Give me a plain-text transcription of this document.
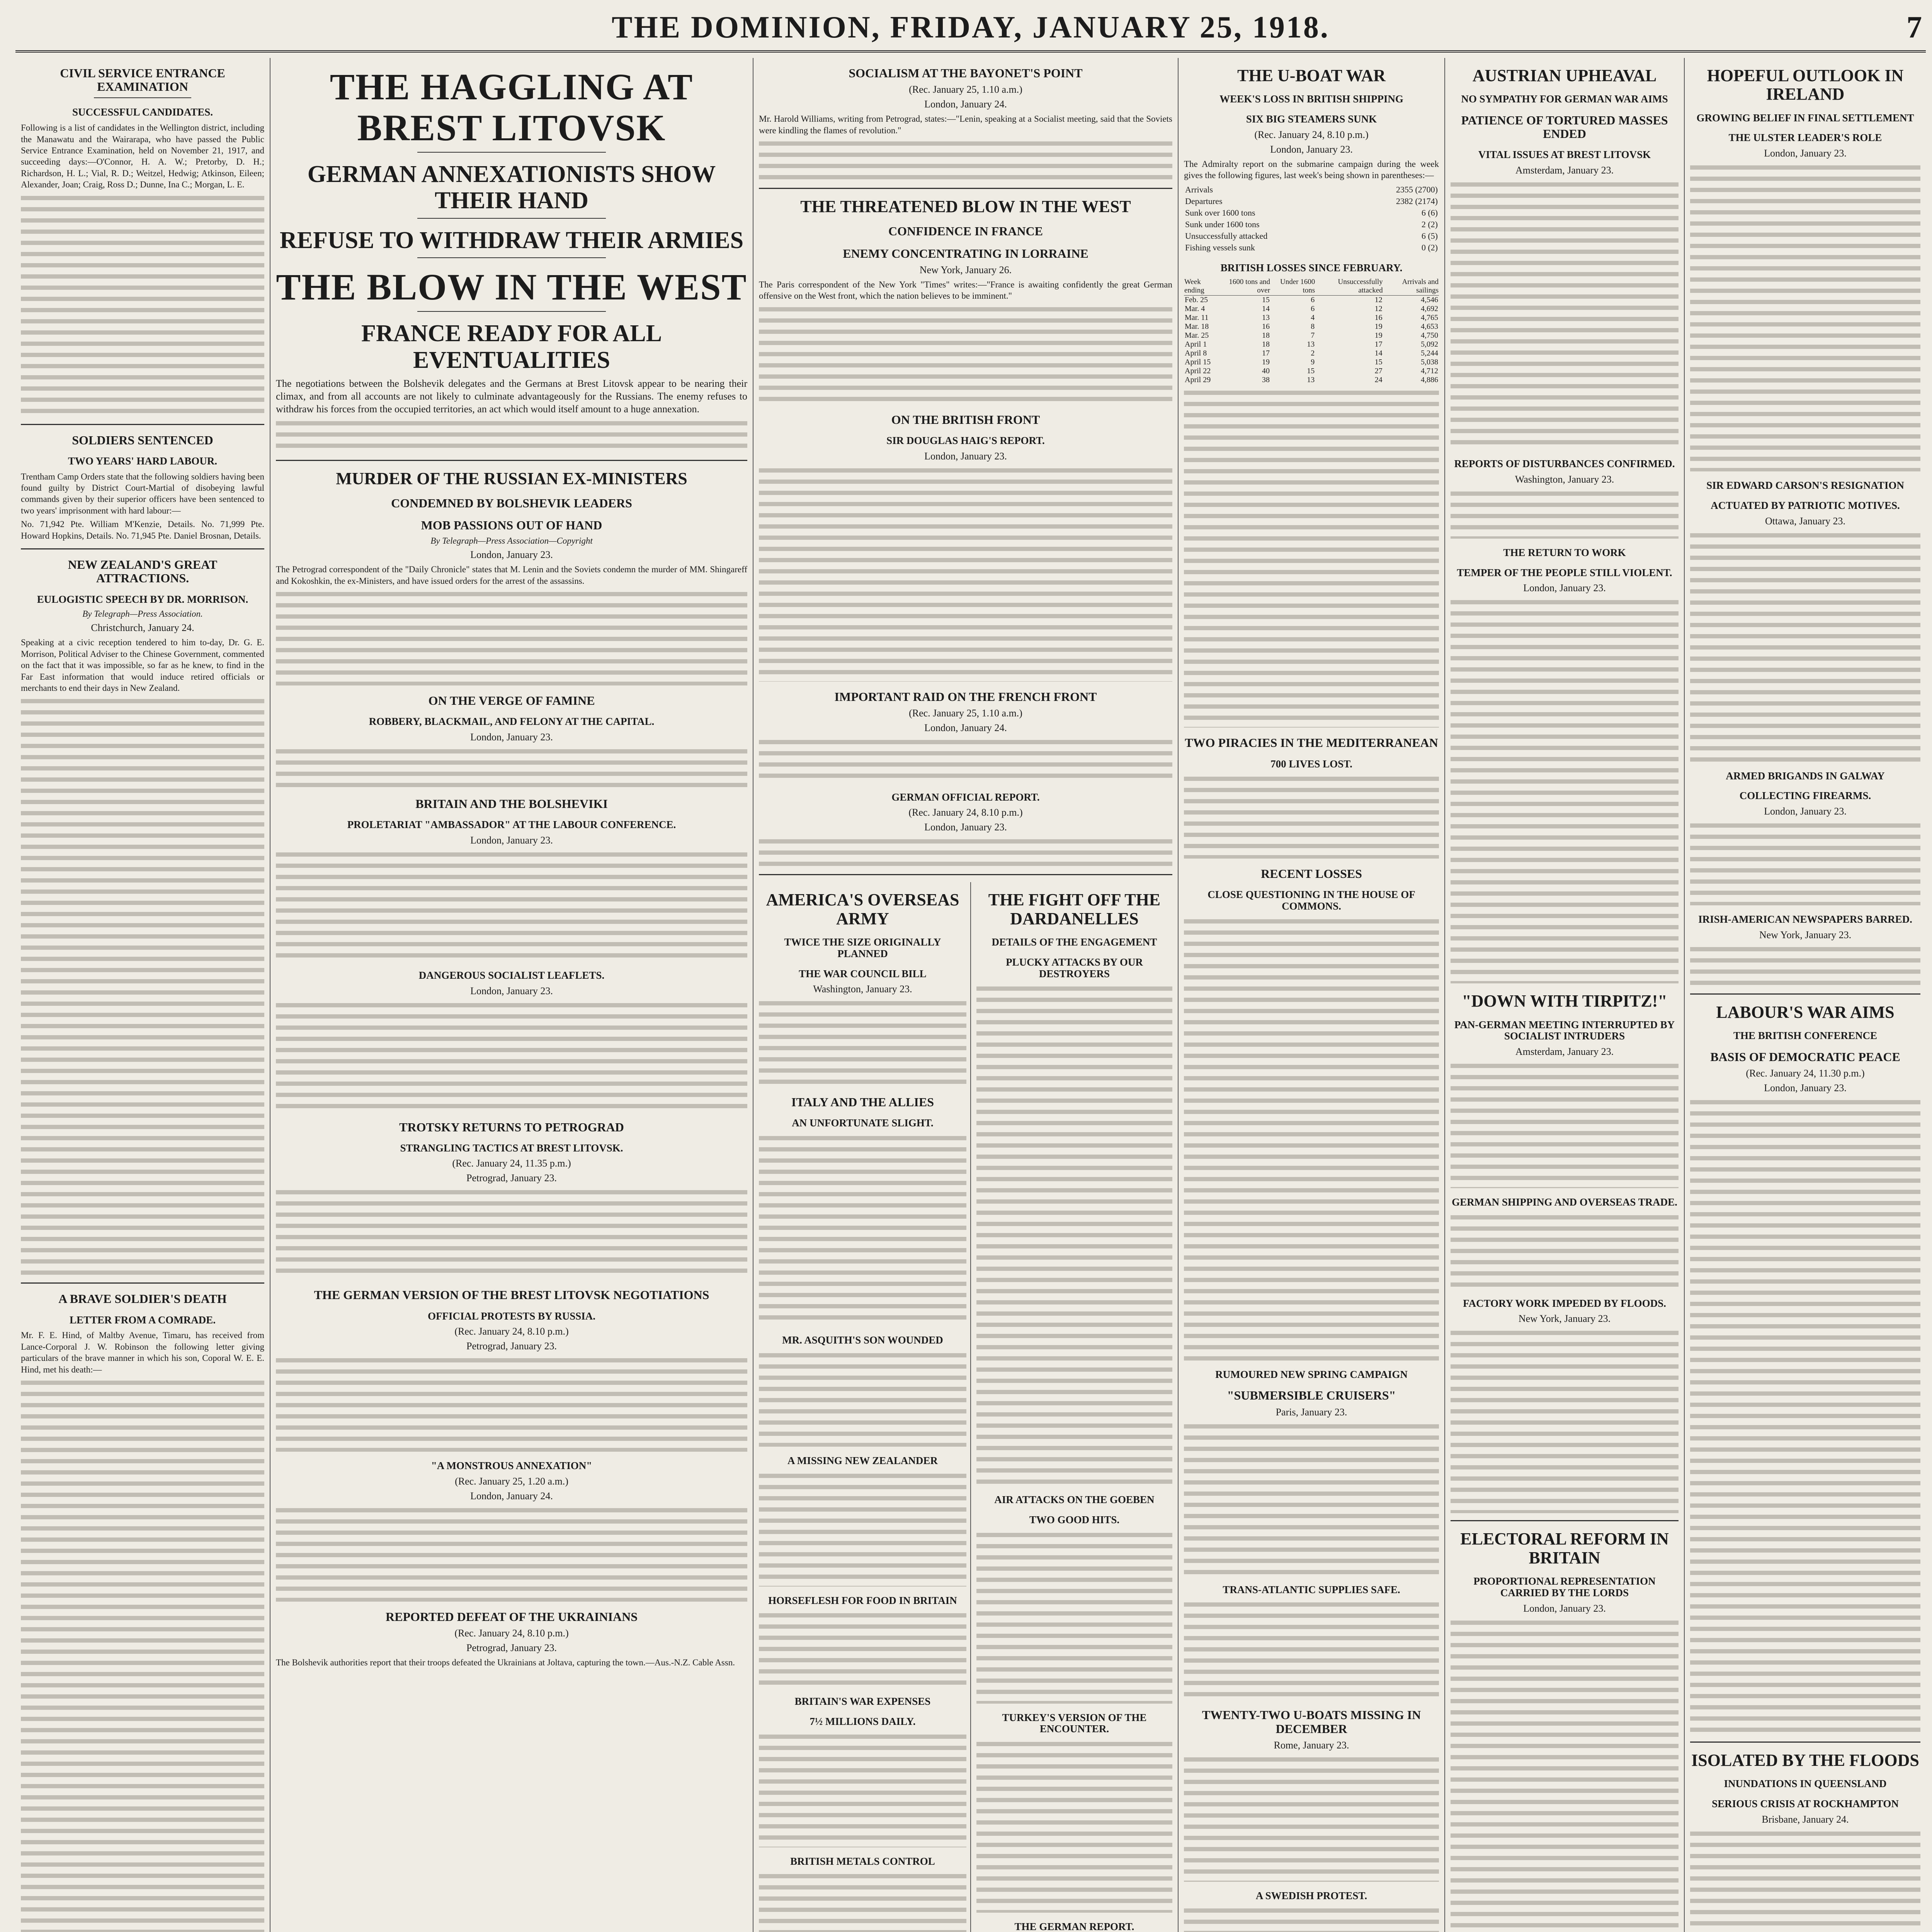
THE DOMINION, FRIDAY, JANUARY 25, 1918.	7
CIVIL SERVICE ENTRANCE EXAMINATION
SUCCESSFUL CANDIDATES.

Following is a list of candidates in the Wellington district, including the Manawatu and the Wairarapa, who have passed the Public Service Entrance Examination, held on November 21, 1917, and succeeding days:—O'Connor, H. A. W.; Pretorby, D. H.; Richardson, H. L.; Vial, R. D.; Weitzel, Hedwig; Atkinson, Eileen; Alexander, Joan; Craig, Ross D.; Dunne, Ina C.; Morgan, L. E.

SOLDIERS SENTENCED
TWO YEARS' HARD LABOUR.

Trentham Camp Orders state that the following soldiers having been found guilty by District Court-Martial of disobeying lawful commands given by their superior officers have been sentenced to two years' imprisonment with hard labour:—

No. 71,942 Pte. William M'Kenzie, Details. No. 71,999 Pte. Howard Hopkins, Details. No. 71,945 Pte. Daniel Brosnan, Details.

NEW ZEALAND'S GREAT ATTRACTIONS.
EULOGISTIC SPEECH BY DR. MORRISON.
By Telegraph—Press Association.
Christchurch, January 24.

Speaking at a civic reception tendered to him to-day, Dr. G. E. Morrison, Political Adviser to the Chinese Government, commented on the fact that it was impossible, so far as he knew, to find in the Far East information that would induce retired officials or merchants to end their days in New Zealand.

A BRAVE SOLDIER'S DEATH
LETTER FROM A COMRADE.

Mr. F. E. Hind, of Maltby Avenue, Timaru, has received from Lance-Corporal J. W. Robinson the following letter giving particulars of the brave manner in which his son, Coporal W. E. E. Hind, met his death:—

THE HAGGLING AT BREST LITOVSK
GERMAN ANNEXATIONISTS SHOW THEIR HAND
REFUSE TO WITHDRAW THEIR ARMIES
THE BLOW IN THE WEST
FRANCE READY FOR ALL EVENTUALITIES

The negotiations between the Bolshevik delegates and the Germans at Brest Litovsk appear to be nearing their climax, and from all accounts are not likely to culminate advantageously for the Russians. The enemy refuses to withdraw his forces from the occupied territories, an act which would itself amount to a huge annexation.

MURDER OF THE RUSSIAN EX-MINISTERS
CONDEMNED BY BOLSHEVIK LEADERS
MOB PASSIONS OUT OF HAND
By Telegraph—Press Association—Copyright
London, January 23.

The Petrograd correspondent of the "Daily Chronicle" states that M. Lenin and the Soviets condemn the murder of MM. Shingareff and Kokoshkin, the ex-Ministers, and have issued orders for the arrest of the assassins.

ON THE VERGE OF FAMINE
ROBBERY, BLACKMAIL, AND FELONY AT THE CAPITAL.
London, January 23.
BRITAIN AND THE BOLSHEVIKI
PROLETARIAT "AMBASSADOR" AT THE LABOUR CONFERENCE.
London, January 23.
DANGEROUS SOCIALIST LEAFLETS.
London, January 23.
TROTSKY RETURNS TO PETROGRAD
STRANGLING TACTICS AT BREST LITOVSK.
(Rec. January 24, 11.35 p.m.)
Petrograd, January 23.
THE GERMAN VERSION OF THE BREST LITOVSK NEGOTIATIONS
OFFICIAL PROTESTS BY RUSSIA.
(Rec. January 24, 8.10 p.m.)
Petrograd, January 23.
"A MONSTROUS ANNEXATION"
(Rec. January 25, 1.20 a.m.)
London, January 24.
REPORTED DEFEAT OF THE UKRAINIANS
(Rec. January 24, 8.10 p.m.)
Petrograd, January 23.

The Bolshevik authorities report that their troops defeated the Ukrainians at Joltava, capturing the town.—Aus.-N.Z. Cable Assn.

SOCIALISM AT THE BAYONET'S POINT
(Rec. January 25, 1.10 a.m.)
London, January 24.

Mr. Harold Williams, writing from Petrograd, states:—"Lenin, speaking at a Socialist meeting, said that the Soviets were kindling the flames of revolution."

THE THREATENED BLOW IN THE WEST
CONFIDENCE IN FRANCE
ENEMY CONCENTRATING IN LORRAINE
New York, January 26.

The Paris correspondent of the New York "Times" writes:—"France is awaiting confidently the great German offensive on the West front, which the nation believes to be imminent."

ON THE BRITISH FRONT
SIR DOUGLAS HAIG'S REPORT.
London, January 23.
IMPORTANT RAID ON THE FRENCH FRONT
(Rec. January 25, 1.10 a.m.)
London, January 24.
GERMAN OFFICIAL REPORT.
(Rec. January 24, 8.10 p.m.)
London, January 23.
AMERICA'S OVERSEAS ARMY
TWICE THE SIZE ORIGINALLY PLANNED
THE WAR COUNCIL BILL
Washington, January 23.
ITALY AND THE ALLIES
AN UNFORTUNATE SLIGHT.
MR. ASQUITH'S SON WOUNDED
A MISSING NEW ZEALANDER
HORSEFLESH FOR FOOD IN BRITAIN
BRITAIN'S WAR EXPENSES
7½ MILLIONS DAILY.
BRITISH METALS CONTROL
THE FIGHT OFF THE DARDANELLES
DETAILS OF THE ENGAGEMENT
PLUCKY ATTACKS BY OUR DESTROYERS
AIR ATTACKS ON THE GOEBEN
TWO GOOD HITS.
TURKEY'S VERSION OF THE ENCOUNTER.
THE GERMAN REPORT.
THE U-BOAT WAR
WEEK'S LOSS IN BRITISH SHIPPING
SIX BIG STEAMERS SUNK
(Rec. January 24, 8.10 p.m.)
London, January 23.

The Admiralty report on the submarine campaign during the week gives the following figures, last week's being shown in parentheses:—

Arrivals	2355 (2700)
Departures	2382 (2174)
Sunk over 1600 tons	6 (6)
Sunk under 1600 tons	2 (2)
Unsuccessfully attacked	6 (5)
Fishing vessels sunk	0 (2)
BRITISH LOSSES SINCE FEBRUARY.
Week ending	1600 tons and over	Under 1600 tons	Unsuccessfully attacked	Arrivals and sailings
Feb. 25	15	6	12	4,546
Mar. 4	14	6	12	4,692
Mar. 11	13	4	16	4,765
Mar. 18	16	8	19	4,653
Mar. 25	18	7	19	4,750
April 1	18	13	17	5,092
April 8	17	2	14	5,244
April 15	19	9	15	5,038
April 22	40	15	27	4,712
April 29	38	13	24	4,886
TWO PIRACIES IN THE MEDITERRANEAN
700 LIVES LOST.
RECENT LOSSES
CLOSE QUESTIONING IN THE HOUSE OF COMMONS.
RUMOURED NEW SPRING CAMPAIGN
"SUBMERSIBLE CRUISERS"
Paris, January 23.
TRANS-ATLANTIC SUPPLIES SAFE.
TWENTY-TWO U-BOATS MISSING IN DECEMBER
Rome, January 23.
A SWEDISH PROTEST.
AUSTRIAN UPHEAVAL
NO SYMPATHY FOR GERMAN WAR AIMS
PATIENCE OF TORTURED MASSES ENDED
VITAL ISSUES AT BREST LITOVSK
Amsterdam, January 23.
REPORTS OF DISTURBANCES CONFIRMED.
Washington, January 23.
THE RETURN TO WORK
TEMPER OF THE PEOPLE STILL VIOLENT.
London, January 23.
"DOWN WITH TIRPITZ!"
PAN-GERMAN MEETING INTERRUPTED BY SOCIALIST INTRUDERS
Amsterdam, January 23.
GERMAN SHIPPING AND OVERSEAS TRADE.
FACTORY WORK IMPEDED BY FLOODS.
New York, January 23.
ELECTORAL REFORM IN BRITAIN
PROPORTIONAL REPRESENTATION CARRIED BY THE LORDS
London, January 23.
HOPEFUL OUTLOOK IN IRELAND
GROWING BELIEF IN FINAL SETTLEMENT
THE ULSTER LEADER'S ROLE
London, January 23.
SIR EDWARD CARSON'S RESIGNATION
ACTUATED BY PATRIOTIC MOTIVES.
Ottawa, January 23.
ARMED BRIGANDS IN GALWAY
COLLECTING FIREARMS.
London, January 23.
IRISH-AMERICAN NEWSPAPERS BARRED.
New York, January 23.
LABOUR'S WAR AIMS
THE BRITISH CONFERENCE
BASIS OF DEMOCRATIC PEACE
(Rec. January 24, 11.30 p.m.)
London, January 23.
ISOLATED BY THE FLOODS
INUNDATIONS IN QUEENSLAND
SERIOUS CRISIS AT ROCKHAMPTON
Brisbane, January 24.
